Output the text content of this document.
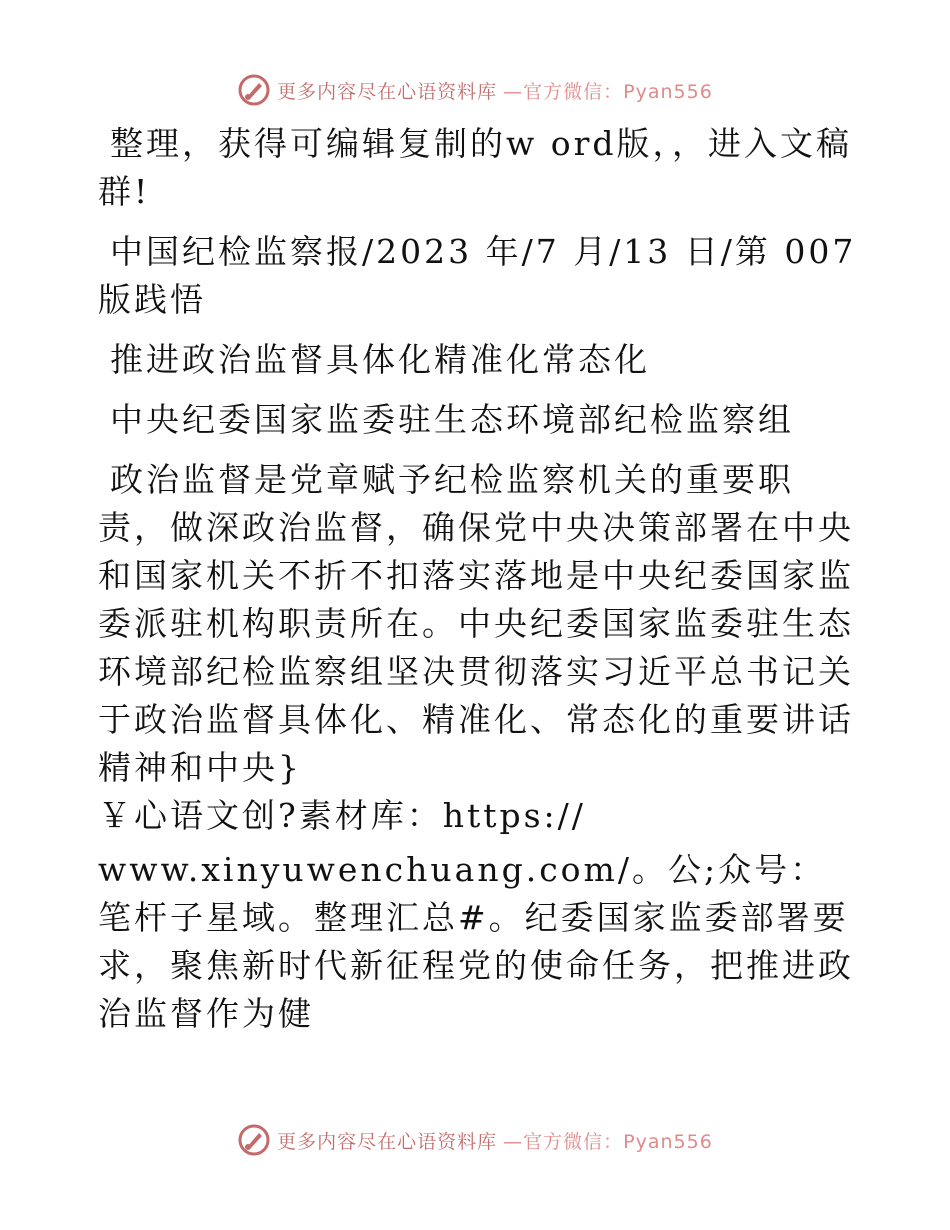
更多内容尽在心语资料库 —官方微信：Pyan556

整理，获得可编辑复制的w ord版，，进入文稿群!

中国纪检监察报/2023 年/7 月/13 日/第 007 版践悟

推进政治监督具体化精准化常态化

中央纪委国家监委驻生态环境部纪检监察组

政治监督是党章赋予纪检监察机关的重要职责，做深政治监督，确保党中央决策部署在中央和国家机关不折不扣落实落地是中央纪委国家监委派驻机构职责所在。中央纪委国家监委驻生态环境部纪检监察组坚决贯彻落实习近平总书记关于政治监督具体化、精准化、常态化的重要讲话精神和中央}

￥心语文创?素材库：https://

www.xinyuwenchuang.com/。公;众号：笔杆子星域。整理汇总#。纪委国家监委部署要求，聚焦新时代新征程党的使命任务，把推进政治监督作为健

更多内容尽在心语资料库 —官方微信：Pyan556
